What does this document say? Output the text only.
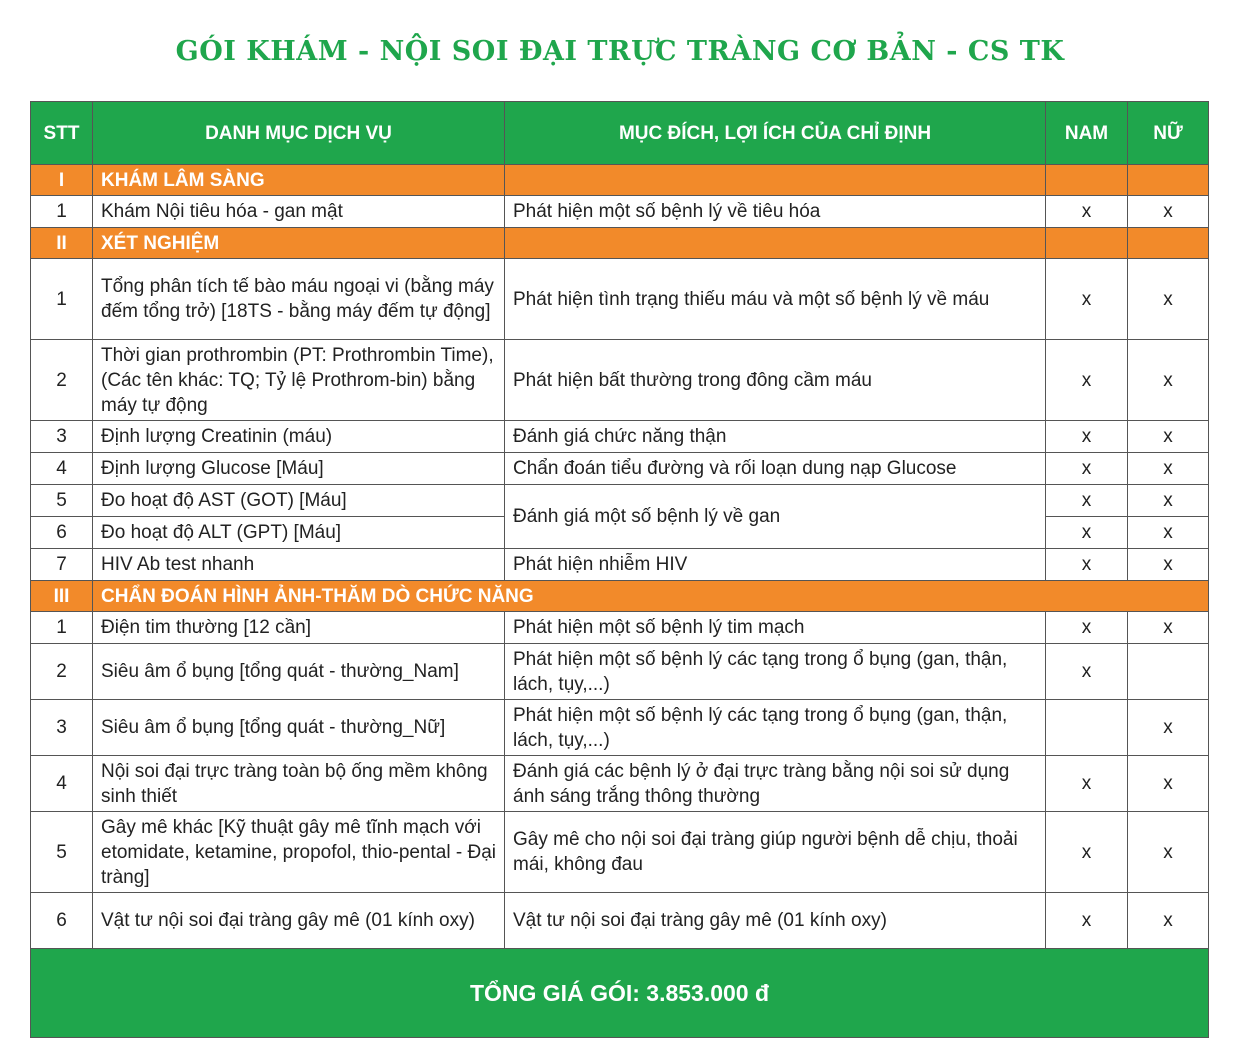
GÓI KHÁM - NỘI SOI ĐẠI TRỰC TRÀNG CƠ BẢN - CS TK
STT	DANH MỤC DỊCH VỤ	MỤC ĐÍCH, LỢI ÍCH CỦA CHỈ ĐỊNH	NAM	NỮ
I	KHÁM LÂM SÀNG			
1	Khám Nội tiêu hóa - gan mật	Phát hiện một số bệnh lý về tiêu hóa	x	x
II	XÉT NGHIỆM			
1	Tổng phân tích tế bào máu ngoại vi (bằng máy đếm tổng trở) [18TS - bằng máy đếm tự động]	Phát hiện tình trạng thiếu máu và một số bệnh lý về máu	x	x
2	Thời gian prothrombin (PT: Prothrombin Time), (Các tên khác: TQ; Tỷ lệ Prothrom-bin) bằng máy tự động	Phát hiện bất thường trong đông cầm máu	x	x
3	Định lượng Creatinin (máu)	Đánh giá chức năng thận	x	x
4	Định lượng Glucose [Máu]	Chẩn đoán tiểu đường và rối loạn dung nạp Glucose	x	x
5	Đo hoạt độ AST (GOT) [Máu]	Đánh giá một số bệnh lý về gan	x	x
6	Đo hoạt độ ALT (GPT) [Máu]		x	x
7	HIV Ab test nhanh	Phát hiện nhiễm HIV	x	x
III	CHẨN ĐOÁN HÌNH ẢNH-THĂM DÒ CHỨC NĂNG			
1	Điện tim thường [12 cần]	Phát hiện một số bệnh lý tim mạch	x	x
2	Siêu âm ổ bụng [tổng quát - thường_Nam]	Phát hiện một số bệnh lý các tạng trong ổ bụng (gan, thận, lách, tụy,...)	x	
3	Siêu âm ổ bụng [tổng quát - thường_Nữ]	Phát hiện một số bệnh lý các tạng trong ổ bụng (gan, thận, lách, tụy,...)		x
4	Nội soi đại trực tràng toàn bộ ống mềm không sinh thiết	Đánh giá các bệnh lý ở đại trực tràng bằng nội soi sử dụng ánh sáng trắng thông thường	x	x
5	Gây mê khác [Kỹ thuật gây mê tĩnh mạch với etomidate, ketamine, propofol, thio-pental - Đại tràng]	Gây mê cho nội soi đại tràng giúp người bệnh dễ chịu, thoải mái, không đau	x	x
6	Vật tư nội soi đại tràng gây mê (01 kính oxy)	Vật tư nội soi đại tràng gây mê (01 kính oxy)	x	x
TỔNG GIÁ GÓI: 3.853.000 đ				
